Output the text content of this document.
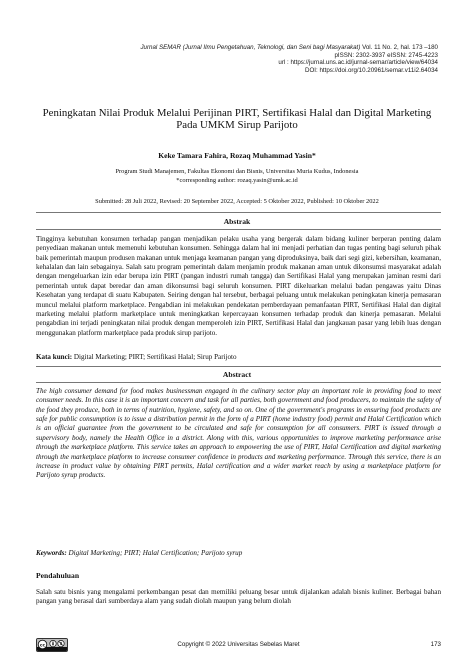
Jurnal SEMAR (Jurnal Ilmu Pengetahuan, Teknologi, dan Seni bagi Masyarakat) Vol. 11 No. 2, hal. 173 –180
pISSN: 2302-3937 eISSN: 2745-4223
url : https://jurnal.uns.ac.id/jurnal-semar/article/view/64034
DOI: https://doi.org/10.20961/semar.v11i2.64034
Peningkatan Nilai Produk Melalui Perijinan PIRT, Sertifikasi Halal dan Digital Marketing Pada UMKM Sirup Parijoto
Keke Tamara Fahira, Rozaq Muhammad Yasin*
Program Studi Manajemen, Fakultas Ekonomi dan Bisnis, Universitas Muria Kudus, Indonesia
*corresponding author: rozaq.yasin@umk.ac.id
Submitted: 28 Juli 2022, Revised: 20 September 2022, Accepted: 5 Oktober 2022, Published: 10 Oktober 2022
Abstrak
Tingginya kebutuhan konsumen terhadap pangan menjadikan pelaku usaha yang bergerak dalam bidang kuliner berperan penting dalam penyediaan makanan untuk memenuhi kebutuhan konsumen. Sehingga dalam hal ini menjadi perhatian dan tugas penting bagi seluruh pihak baik pemerintah maupun produsen makanan untuk menjaga keamanan pangan yang diproduksinya, baik dari segi gizi, kebersihan, keamanan, kehalalan dan lain sebagainya. Salah satu program pemerintah dalam menjamin produk makanan aman untuk dikonsumsi masyarakat adalah dengan mengeluarkan izin edar berupa izin PIRT (pangan industri rumah tangga) dan Sertifikasi Halal yang merupakan jaminan resmi dari pemerintah untuk dapat beredar dan aman dikonsumsi bagi seluruh konsumen. PIRT dikeluarkan melalui badan pengawas yaitu Dinas Kesehatan yang terdapat di suatu Kabupaten. Seiring dengan hal tersebut, berbagai peluang untuk melakukan peningkatan kinerja pemasaran muncul melalui platform marketplace. Pengabdian ini melakukan pendekatan pemberdayaan pemanfaatan PIRT, Sertifikasi Halal dan digital marketing melalui platform marketplace untuk meningkatkan kepercayaan konsumen terhadap produk dan kinerja pemasaran. Melalui pengabdian ini terjadi peningkatan nilai produk dengan memperoleh izin PIRT, Sertifikasi Halal dan jangkauan pasar yang lebih luas dengan menggunakan platform marketplace pada produk sirup parijoto.
Kata kunci: Digital Marketing; PIRT; Sertifikasi Halal; Sirup Parijoto
Abstract
The high consumer demand for food makes businessman engaged in the culinary sector play an important role in providing food to meet consumer needs. In this case it is an important concern and task for all parties, both government and food producers, to maintain the safety of the food they produce, both in terms of nutrition, hygiene, safety, and so on. One of the government's programs in ensuring food products are safe for public consumption is to issue a distribution permit in the form of a PIRT (home industry food) permit and Halal Certification which is an official guarantee from the government to be circulated and safe for consumption for all consumers. PIRT is issued through a supervisory body, namely the Health Office in a district. Along with this, various opportunities to improve marketing performance arise through the marketplace platform. This service takes an approach to empowering the use of PIRT, Halal Certification and digital marketing through the marketplace platform to increase consumer confidence in products and marketing performance. Through this service, there is an increase in product value by obtaining PIRT permits, Halal certification and a wider market reach by using a marketplace platform for Parijoto syrup products.
Keywords: Digital Marketing; PIRT; Halal Certification; Parijoto syrup
Pendahuluan
Salah satu bisnis yang mengalami perkembangan pesat dan memiliki peluang besar untuk dijalankan adalah bisnis kuliner. Berbagai bahan pangan yang berasal dari sumberdaya alam yang sudah diolah maupun yang belum diolah
cc	Copyright © 2022 Universitas Sebelas Maret	173
